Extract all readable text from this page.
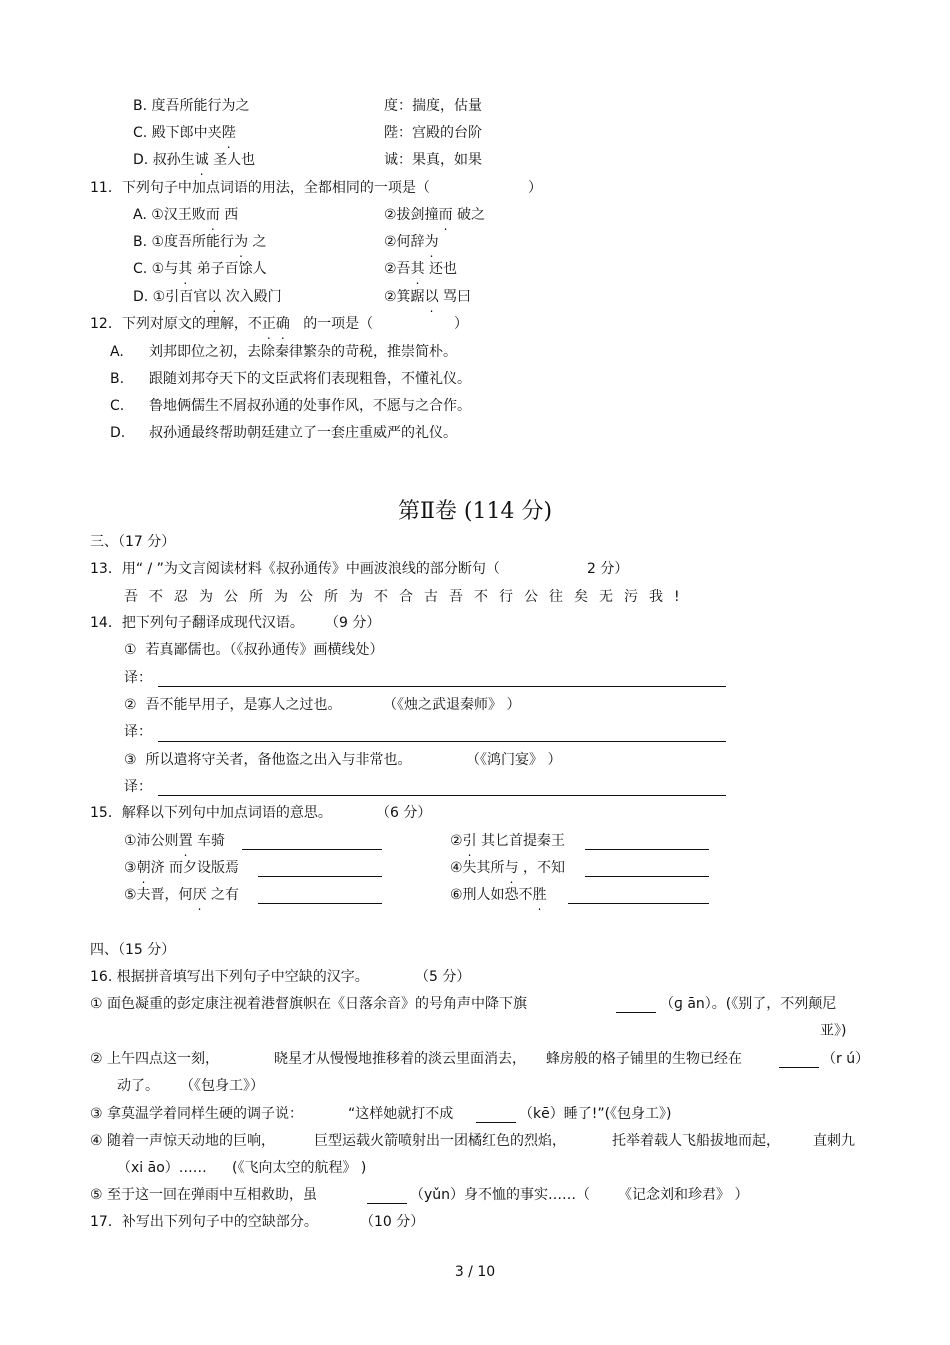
B. 度吾所能行为之	度：揣度，估量
C. 殿下郎中夹陛	陛：宫殿的台阶
D. 叔孙生诚 圣人也	诚：果真，如果
11．下列句子中加点词语的用法，全都相同的一项是（	）
A. ①汉王败而 西	②拔剑撞而 破之
B. ①度吾所能行为 之	②何辞为
C. ①与其 弟子百馀人	②吾其 还也
D. ①引百官以 次入殿门	②箕踞以 骂曰
12．下列对原文的理解，不正确 的一项是（	）
A. 刘邦即位之初，去除秦律繁杂的苛税，推崇简朴。
B. 跟随刘邦夺天下的文臣武将们表现粗鲁，不懂礼仪。
C. 鲁地俩儒生不屑叔孙通的处事作风，不愿与之合作。
D. 叔孙通最终帮助朝廷建立了一套庄重威严的礼仪。
第Ⅱ卷 (114 分)
三、（17 分）
13．用“ / ”为文言阅读材料《叔孙通传》中画波浪线的部分断句（	2 分）
吾不忍为公所为公所为不合古吾不行公往矣无污我!
14．把下列句子翻译成现代汉语。 （9 分）
① 若真鄙儒也。（《叔孙通传》画横线处）
译：
② 吾不能早用子，是寡人之过也。	（《烛之武退秦师》 ）
译：
③ 所以遣将守关者，备他盗之出入与非常也。	（《鸿门宴》 ）
译：
15．解释以下列句中加点词语的意思。	（6 分）
①沛公则置 车骑	②引 其匕首提秦王
③朝济 而夕设版焉	④失其所与 ，不知
⑤夫晋，何厌 之有	⑥刑人如恐不胜
四、（15 分）
16. 根据拼音填写出下列句子中空缺的汉字。	（5 分）
① 面色凝重的彭定康注视着港督旗帜在《日落余音》的号角声中降下旗	（ɡ ān）。(《别了，不列颠尼
亚》)
② 上午四点这一刻，	晓星才从慢慢地推移着的淡云里面消去， 蜂房般的格子铺里的生物已经在	（r ú）
动了。 （《包身工》）
③ 拿莫温学着同样生硬的调子说：	“这样她就打不成	（kē）睡了!”(《包身工》)
④ 随着一声惊天动地的巨响，	巨型运载火箭喷射出一团橘红色的烈焰，	托举着载人飞船拔地而起， 直刺九
（xi āo）…… (《飞向太空的航程》 )
⑤ 至于这一回在弹雨中互相救助，虽	（yǔn）身不恤的事实……（ 《记念刘和珍君》 ）
17．补写出下列句子中的空缺部分。	（10 分）
3 / 10
